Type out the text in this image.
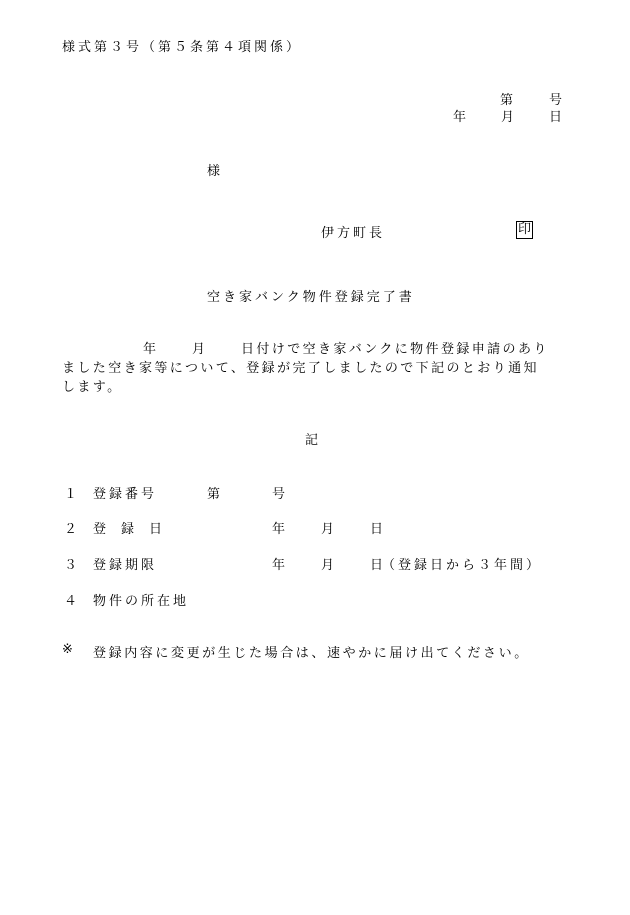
様式第３号（第５条第４項関係）
第	号
年 月 日
様
伊方町長	印
空き家バンク物件登録完了書
年	月	日付けで空き家バンクに物件登録申請のあり
ました空き家等について、登録が完了しましたので下記のとおり通知
します。
記
１ 登録番号	第	号
２ 登　録　日	年	月	日
３ 登録期限	年	月	日
（登録日から３年間）
４ 物件の所在地
※ 登録内容に変更が生じた場合は、速やかに届け出てください。
